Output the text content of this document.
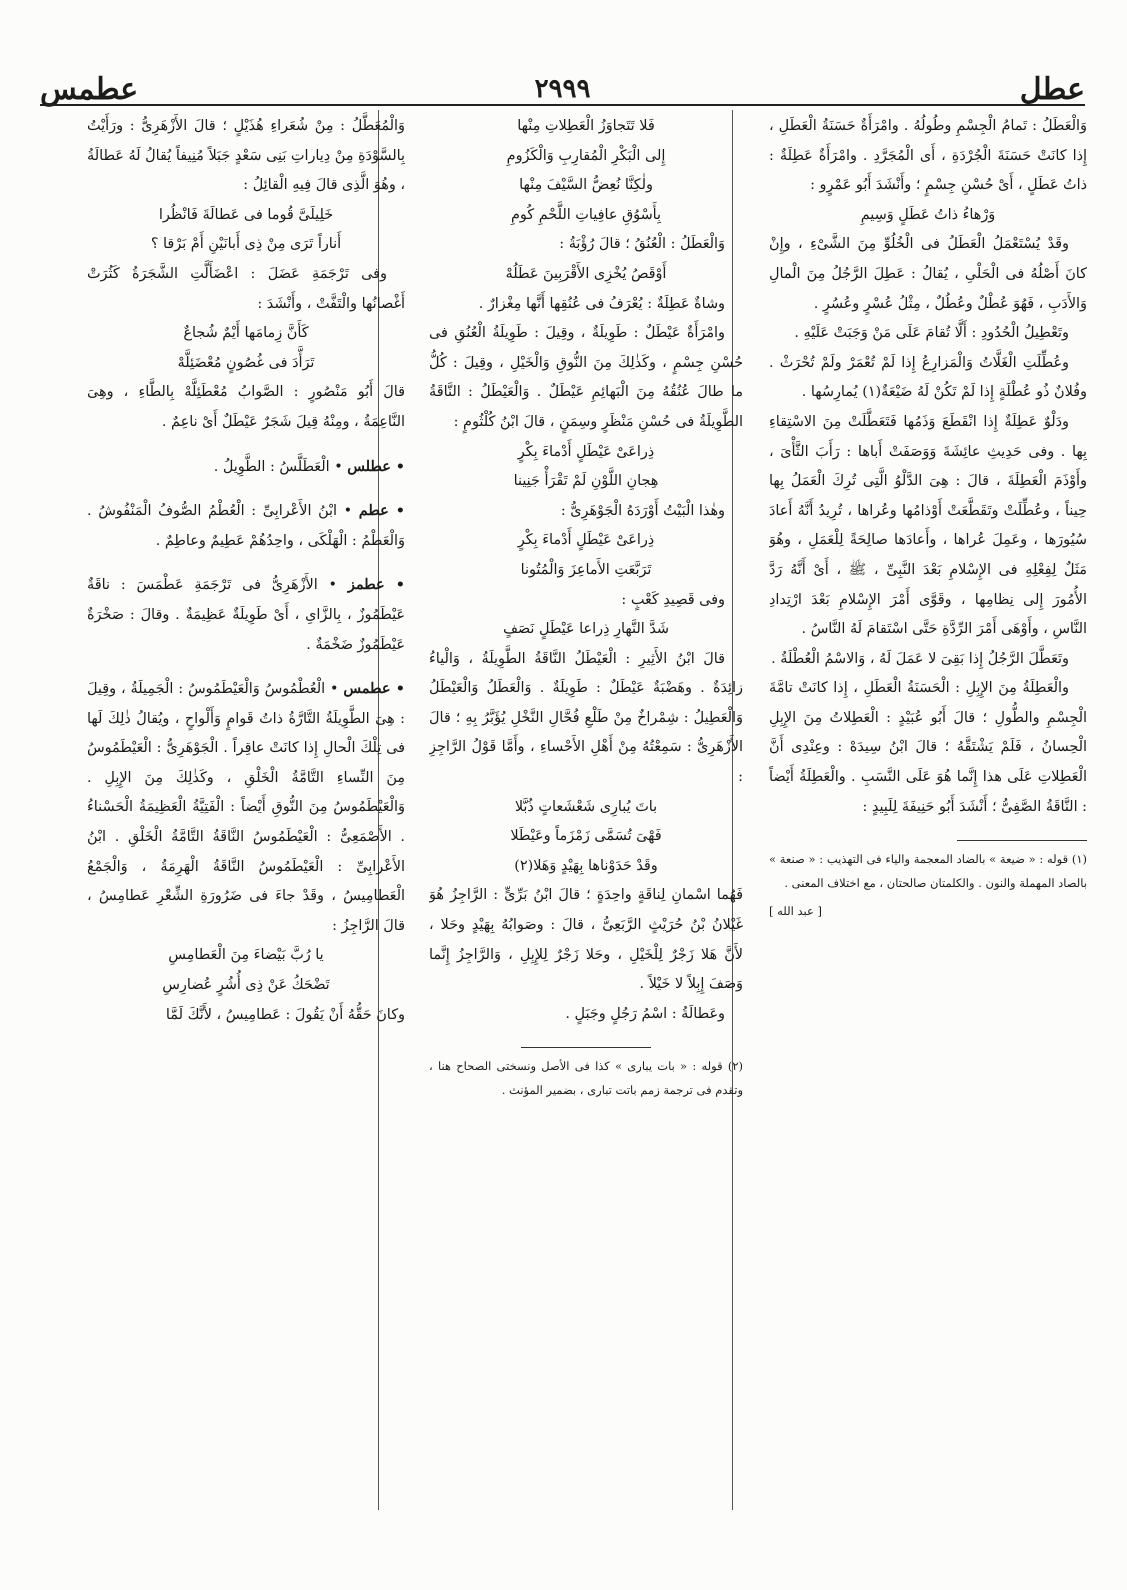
عطل
٢٩٩٩
عطمس

وَالْعَطَلُ : تَمامُ الْجِسْمِ وطُولُهُ . وامْرَأَةٌ حَسَنَةُ الْعَطَلِ ، إِذا كانَتْ حَسَنَةَ الْجُرْدَةِ ، أَى الْمُجَرَّدِ . وامْرَأَةٌ عَطِلَةٌ : ذاتُ عَطَلٍ ، أَىْ حُسْنِ جِسْمٍ ؛ وأَنْشَدَ أَبُو عَمْرٍو :

وَرْهاءُ ذاتُ عَطَلٍ وَسِيمِ

وقَدْ يُسْتَعْمَلُ الْعَطَلُ فى الْخُلُوِّ مِنَ الشَّىْءِ ، وإِنْ كانَ أَصْلُهُ فى الْحَلْىِ ، يُقالُ : عَطِلَ الرَّجُلُ مِنَ الْمالِ وَالأَدَبِ ، فَهُوَ عُطْلٌ وعُطُلٌ ، مِثْلُ عُسْرٍ وعُسُرٍ .

وتَعْطِيلُ الْحُدُودِ : أَلَّا تُقامَ عَلَى مَنْ وَجَبَتْ عَلَيْهِ .

وعُطِّلَتِ الْغَلَّاتُ وَالْمَزارِعُ إِذا لَمْ تُعْمَرْ ولَمْ تُحْرَثْ . وفُلانٌ ذُو عُطْلَةٍ إِذا لَمْ تَكُنْ لَهُ ضَيْعَةٌ(١) يُمارِسُها .

ودَلْوٌ عَطِلَةٌ إِذا انْقَطَعَ وَذَمُها فَتَعَطَّلَتْ مِنَ الاسْتِقاءِ بِها . وفى حَدِيثِ عائِشَةَ وَوَصَفَتْ أَباها : رَأَبَ الثَّأْىَ ، وأَوْذَمَ الْعَطِلَةَ ، قالَ : هِىَ الدَّلْوُ الَّتِى تُرِكَ الْعَمَلُ بِها حِيناً ، وعُطِّلَتْ وتَقَطَّعَتْ أَوْذامُها وعُراها ، تُرِيدُ أَنَّهُ أَعادَ سُيُورَها ، وعَمِلَ عُراها ، وأَعادَها صالِحَةً لِلْعَمَلِ ، وهُوَ مَثَلٌ لِفِعْلِهِ فى الإِسْلامِ بَعْدَ النَّبِىِّ ، ﷺ ، أَىْ أَنَّهُ رَدَّ الأُمُورَ إِلى نِظامِها ، وقَوَّى أَمْرَ الإِسْلامِ بَعْدَ ارْتِدادِ النَّاسِ ، وأَوْهَى أَمْرَ الرِّدَّةِ حَتَّى اسْتَقامَ لَهُ النَّاسُ .

وتَعَطَّلَ الرَّجُلُ إِذا بَقِىَ لا عَمَلَ لَهُ ، وَالاسْمُ الْعُطْلَةُ .

والْعَطِلَةُ مِنَ الإِبِلِ : الْحَسَنَةُ الْعَطَلِ ، إِذا كانَتْ تامَّةَ الْجِسْمِ والطُّولِ ؛ قالَ أَبُو عُبَيْدٍ : الْعَطِلاتُ مِنَ الإِبِلِ الْحِسانُ ، فَلَمْ يَشْتَقَّهُ ؛ قالَ ابْنُ سِيدَهْ : وعِنْدِى أَنَّ الْعَطِلاتِ عَلَى هذا إِنَّما هُوَ عَلَى النَّسَبِ . والْعَطِلَةُ أَيْضاً : النَّاقَةُ الصَّفِىُّ ؛ أَنْشَدَ أَبُو حَنِيفَةَ لِلَبِيدٍ :

(١) قوله : « ضيعة » بالضاد المعجمة والياء فى التهذيب : « صنعة » بالصاد المهملة والنون . والكلمتان صالحتان ، مع اختلاف المعنى .

[ عبد الله ]

فَلا تَتَجاوَزُ الْعَطِلاتِ مِنْها

إِلى الْبَكْرِ الْمُقارِبِ وَالْكَزُومِ

ولٰكِنَّا نُعِضُّ السَّيْفَ مِنْها

بِأَسْوُقِ عافِياتِ اللَّحْمِ كُومِ

وَالْعَطَلُ : الْعُنُقُ ؛ قالَ رُؤْبَةُ :

أَوْقَصُ يُخْزِى الأَقْرَبِينَ عَطَلُهْ

وشاةٌ عَطِلَةٌ : يُعْرَفُ فى عُنُقِها أَنَّها مِغْزارٌ .

وامْرَأَةٌ عَيْطَلٌ : طَوِيلَةٌ ، وقِيلَ : طَوِيلَةُ الْعُنُقِ فى حُسْنِ جِسْمٍ ، وكَذٰلِكَ مِنَ النُّوقِ وَالْخَيْلِ ، وقِيلَ : كُلُّ ما طالَ عُنُقُهُ مِنَ الْبَهائِمِ عَيْطَلٌ . وَالْعَيْطَلُ : النَّاقَةُ الطَّوِيلَةُ فى حُسْنِ مَنْظَرٍ وسِمَنٍ ، قالَ ابْنُ كُلْثُومٍ :

ذِراعَىْ عَيْطَلٍ أَدْماءَ بِكْرٍ

هِجانِ اللَّوْنِ لَمْ تَقْرَأْ جَنِينا

وهٰذا الْبَيْتُ أَوْرَدَهُ الْجَوْهَرِىُّ :

ذِراعَىْ عَيْطَلٍ أَدْماءَ بِكْرٍ

تَرَبَّعَتِ الأَماعِزَ وَالْمُتُونا

وفى قَصِيدِ كَعْبٍ :

شَدَّ النَّهارِ ذِراعا عَيْطَلٍ نَصَفٍ

قالَ ابْنُ الأَثِيرِ : الْعَيْطَلُ النَّاقَةُ الطَّوِيلَةُ ، وَالْياءُ زائِدَةٌ . وهَضْبَةٌ عَيْطَلٌ : طَوِيلَةٌ . وَالْعَطَلُ وَالْعَيْطَلُ وَالْعَطِيلُ : شِمْراخٌ مِنْ طَلْعِ فُحَّالِ النَّخْلِ يُؤَبَّرُ بِهِ ؛ قالَ الأَزْهَرِىُّ : سَمِعْتُهُ مِنْ أَهْلِ الأَحْساءِ ، وأَمَّا قَوْلُ الرَّاجِزِ :

باتَ يُبارِى شَعْشَعاتٍ ذُبَّلا

فَهْىَ تُسَمَّى زَمْزَماً وعَيْطَلا

وقَدْ حَدَوْناها بِهَيْدٍ وَهَلا(٢)

فَهُما اسْمانِ لِناقَةٍ واحِدَةٍ ؛ قالَ ابْنُ بَرِّىٍّ : الرَّاجِزُ هُوَ غَيْلانُ بْنُ حُرَيْثٍ الرَّبَعِىُّ ، قالَ : وصَوابُهُ بِهَيْدٍ وحَلا ، لأَنَّ هَلا زَجْرٌ لِلْخَيْلِ ، وحَلا زَجْرٌ لِلإِبِلِ ، وَالرَّاجِزُ إِنَّما وَصَفَ إِبِلاً لا خَيْلاً .

وعَطالَةُ : اسْمُ رَجُلٍ وجَبَلٍ .

(٢) قوله : « بات يبارى » كذا فى الأصل ونسختى الصحاح هنا ، وتقدم فى ترجمة زمم باتت تبارى ، بضمير المؤنث .

وَالْمُعَطَّلُ : مِنْ شُعَراءِ هُذَيْلٍ ؛ قالَ الأَزْهَرِىُّ : ورَأَيْتُ بِالسَّوْدَةِ مِنْ دِياراتِ بَنِى سَعْدٍ جَبَلاً مُنِيفاً يُقالُ لَهُ عَطالَةُ ، وهُوَ الَّذِى قالَ فِيهِ الْقائِلُ :

خَلِيلَىَّ قُوما فى عَطالَةَ فَانْظُرا

أَناراً تَرَى مِنْ ذِى أَبانَيْنِ أَمْ بَرْقا ؟

وفى تَرْجَمَةِ عَضَلَ : اعْضَأَلَّتِ الشَّجَرَةُ كَثُرَتْ أَغْصانُها والْتَفَّتْ ، وأَنْشَدَ :

كَأَنَّ زِمامَها أَيْمٌ شُجاعٌ

تَرَأَّدَ فى غُصُونٍ مُعْضَئِلَّهْ

قالَ أَبُو مَنْصُورٍ : الصَّوابُ مُعْطَئِلَّهْ بِالطَّاءِ ، وهِىَ النَّاعِمَةُ ، ومِنْهُ قِيلَ شَجَرٌ عَيْطَلٌ أَىْ ناعِمٌ .

• عطلس • الْعَطَلَّسُ : الطَّوِيلُ .

• عطم • ابْنُ الأَعْرابِىِّ : الْعُطْمُ الصُّوفُ الْمَنْفُوشُ . وَالْعَطْمُ : الْهَلْكَى ، واحِدُهُمْ عَطِيمٌ وعاطِمٌ .

• عطمز • الأَزْهَرِىُّ فى تَرْجَمَةِ عَطْمَسَ : ناقَةٌ عَيْطَمُوزٌ ، بِالزَّاىِ ، أَىْ طَوِيلَةٌ عَظِيمَةٌ . وقالَ : صَخْرَةٌ عَيْطَمُوزٌ ضَخْمَةٌ .

• عطمس • الْعُطْمُوسُ وَالْعَيْطَمُوسُ : الْجَمِيلَةُ ، وقِيلَ : هِىَ الطَّوِيلَةُ التَّارَّةُ ذاتُ قَوامٍ وَأَلْواحٍ ، ويُقالُ ذٰلِكَ لَها فى تِلْكَ الْحالِ إِذا كانَتْ عاقِراً . الْجَوْهَرِىُّ : الْعَيْطَمُوسُ مِنَ النِّساءِ التَّامَّةُ الْخَلْقِ ، وكَذٰلِكَ مِنَ الإِبِلِ . وَالْعَيْطَمُوسُ مِنَ النُّوقِ أَيْضاً : الْفَتِيَّةُ الْعَظِيمَةُ الْحَسْناءُ . الأَصْمَعِىُّ : الْعَيْطَمُوسُ النَّاقَةُ التَّامَّةُ الْخَلْقِ . ابْنُ الأَعْرابِىِّ : الْعَيْطَمُوسُ النَّاقَةُ الْهَرِمَةُ ، وَالْجَمْعُ الْعَطامِيسُ ، وقَدْ جاءَ فى ضَرُورَةِ الشِّعْرِ عَطامِسُ ، قالَ الرَّاجِزُ :

يا رُبَّ بَيْضاءَ مِنَ الْعَطامِسِ

تَضْحَكُ عَنْ ذِى أُشُرٍ عُضارِسِ

وكانَ حَقُّهُ أَنْ يَقُولَ : عَطامِيسُ ، لأَنَّكَ لَمَّا
